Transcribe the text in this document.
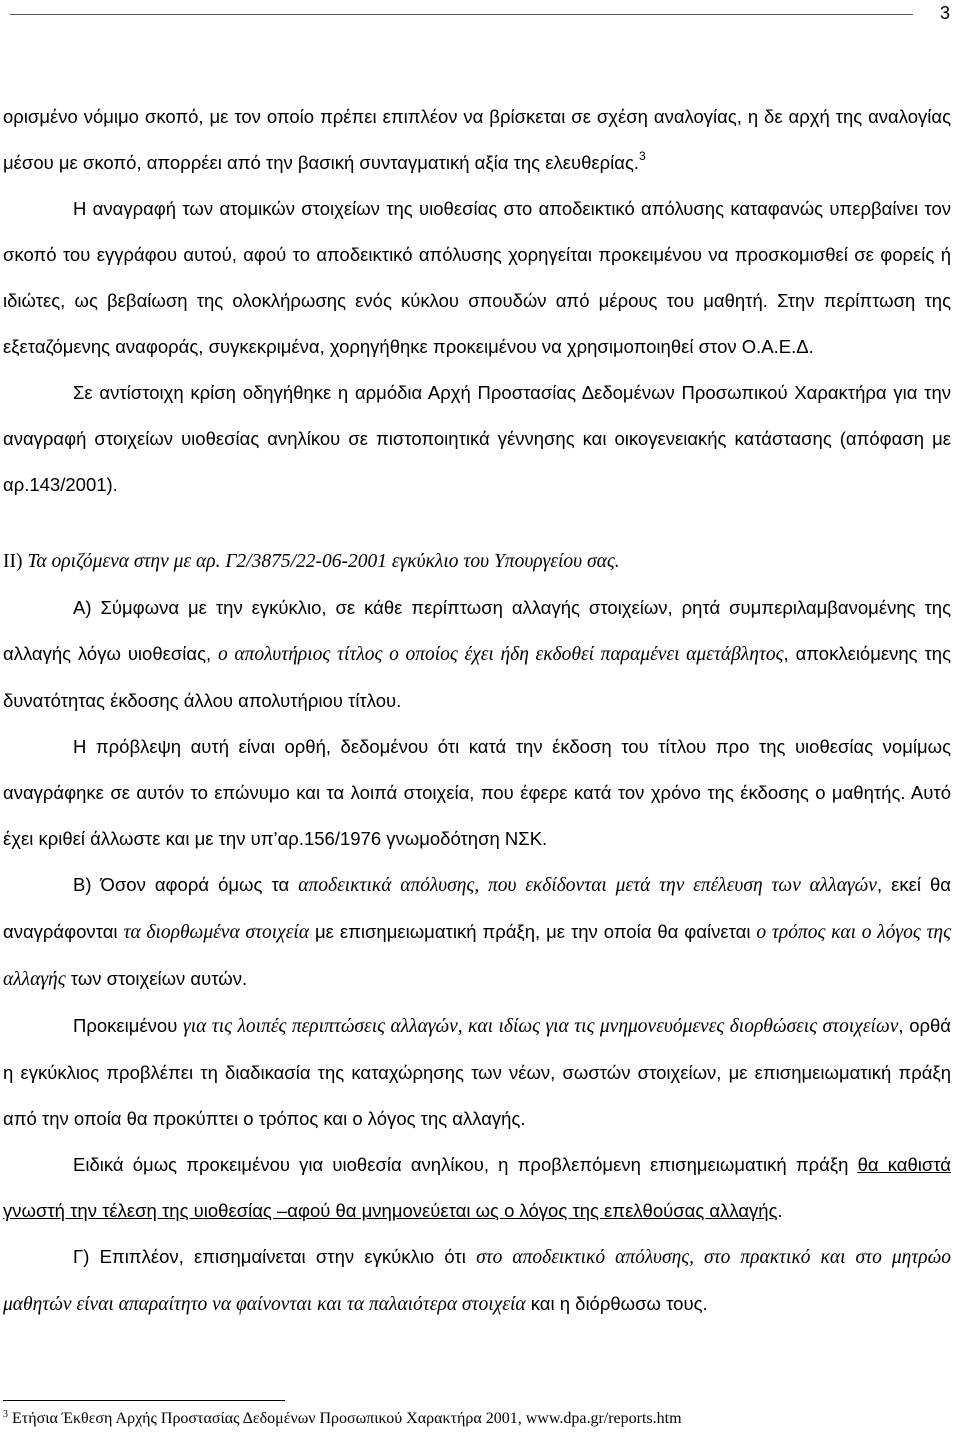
3

ορισμένο νόμιμο σκοπό, με τον οποίο πρέπει επιπλέον να βρίσκεται σε σχέση αναλογίας, η δε αρχή της αναλογίας μέσου με σκοπό, απορρέει από την βασική συνταγματική αξία της ελευθερίας.$^3$

Η αναγραφή των ατομικών στοιχείων της υιοθεσίας στο αποδεικτικό απόλυσης καταφανώς υπερβαίνει τον σκοπό του εγγράφου αυτού, αφού το αποδεικτικό απόλυσης χορηγείται προκειμένου να προσκομισθεί σε φορείς ή ιδιώτες, ως βεβαίωση της ολοκλήρωσης ενός κύκλου σπουδών από μέρους του μαθητή. Στην περίπτωση της εξεταζόμενης αναφοράς, συγκεκριμένα, χορηγήθηκε προκειμένου να χρησιμοποιηθεί στον Ο.Α.Ε.Δ.

Σε αντίστοιχη κρίση οδηγήθηκε η αρμόδια Αρχή Προστασίας Δεδομένων Προσωπικού Χαρακτήρα για την αναγραφή στοιχείων υιοθεσίας ανηλίκου σε πιστοποιητικά γέννησης και οικογενειακής κατάστασης (απόφαση με αρ.143/2001).

ΙΙ) Τα οριζόμενα στην με αρ. Γ2/3875/22-06-2001 εγκύκλιο του Υπουργείου σας.

Α) Σύμφωνα με την εγκύκλιο, σε κάθε περίπτωση αλλαγής στοιχείων, ρητά συμπεριλαμβανομένης της αλλαγής λόγω υιοθεσίας, ο απολυτήριος τίτλος ο οποίος έχει ήδη εκδοθεί παραμένει αμετάβλητος, αποκλειόμενης της δυνατότητας έκδοσης άλλου απολυτήριου τίτλου.

Η πρόβλεψη αυτή είναι ορθή, δεδομένου ότι κατά την έκδοση του τίτλου προ της υιοθεσίας νομίμως αναγράφηκε σε αυτόν το επώνυμο και τα λοιπά στοιχεία, που έφερε κατά τον χρόνο της έκδοσης ο μαθητής. Αυτό έχει κριθεί άλλωστε και με την υπ’αρ.156/1976 γνωμοδότηση ΝΣΚ.

Β) Όσον αφορά όμως τα αποδεικτικά απόλυσης, που εκδίδονται μετά την επέλευση των αλλαγών, εκεί θα αναγράφονται τα διορθωμένα στοιχεία με επισημειωματική πράξη, με την οποία θα φαίνεται ο τρόπος και ο λόγος της αλλαγής των στοιχείων αυτών.

Προκειμένου για τις λοιπές περιπτώσεις αλλαγών, και ιδίως για τις μνημονευόμενες διορθώσεις στοιχείων, ορθά η εγκύκλιος προβλέπει τη διαδικασία της καταχώρησης των νέων, σωστών στοιχείων, με επισημειωματική πράξη από την οποία θα προκύπτει ο τρόπος και ο λόγος της αλλαγής.

Ειδικά όμως προκειμένου για υιοθεσία ανηλίκου, η προβλεπόμενη επισημειωματική πράξη θα καθιστά γνωστή την τέλεση της υιοθεσίας –αφού θα μνημονεύεται ως ο λόγος της επελθούσας αλλαγής.

Γ) Επιπλέον, επισημαίνεται στην εγκύκλιο ότι στο αποδεικτικό απόλυσης, στο πρακτικό και στο μητρώο μαθητών είναι απαραίτητο να φαίνονται και τα παλαιότερα στοιχεία και η διόρθωσω τους.

$^3$ Ετήσια Έκθεση Αρχής Προστασίας Δεδομένων Προσωπικού Χαρακτήρα 2001, www.dpa.gr/reports.htm
